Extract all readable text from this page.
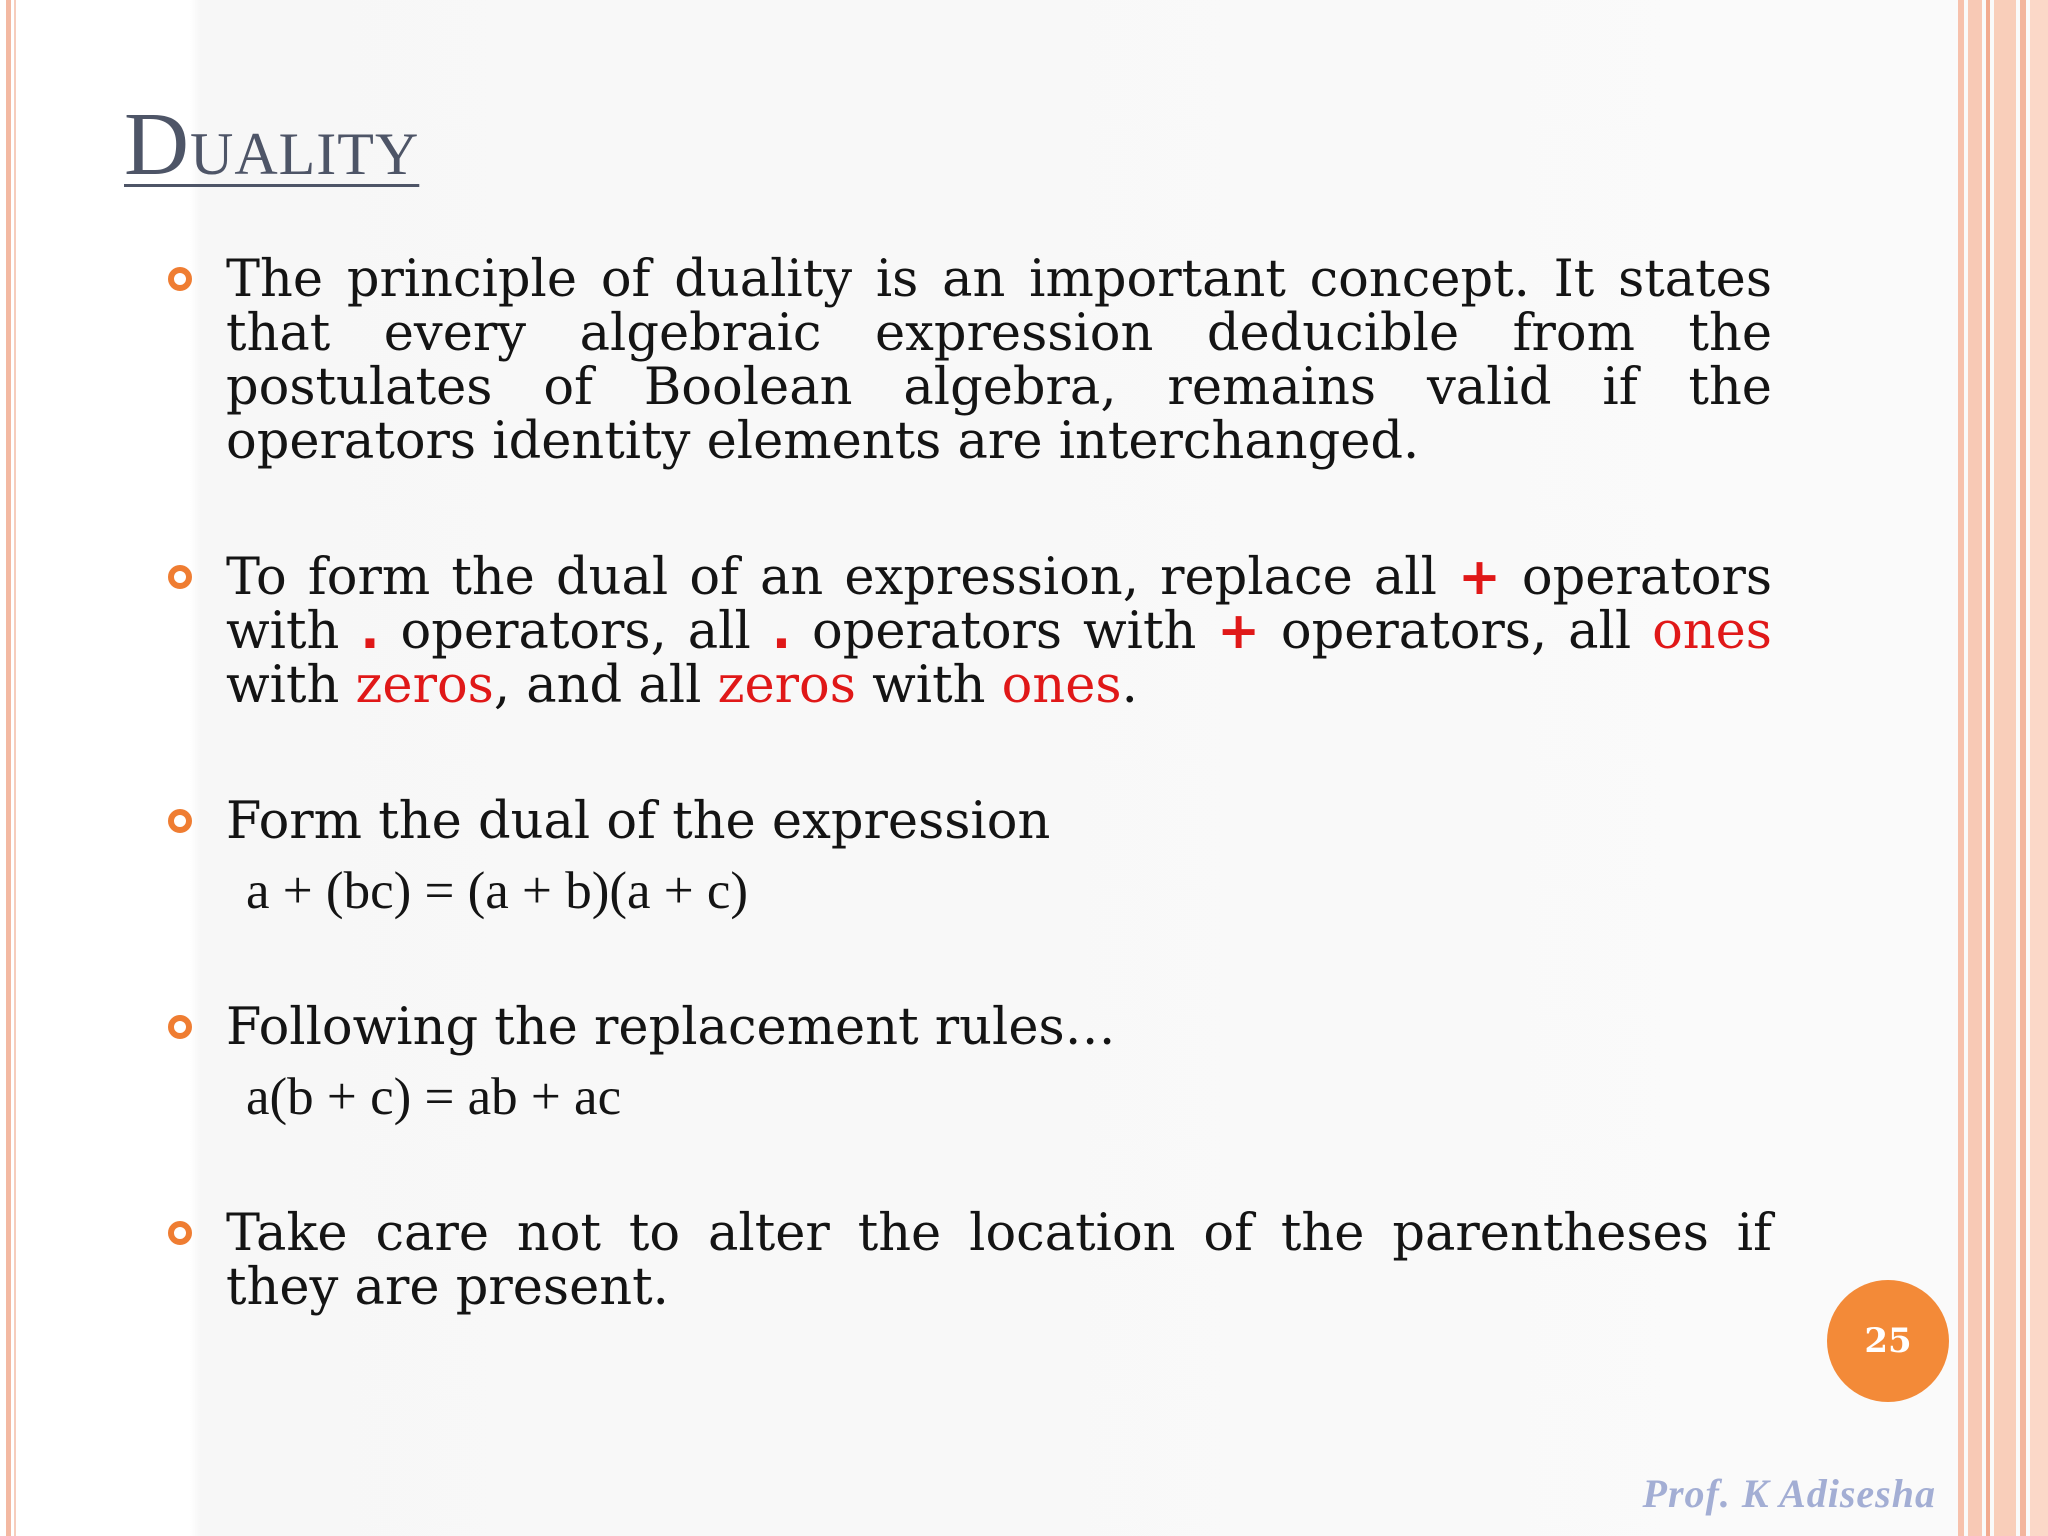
DUALITY
The principle of duality is an important concept. It states that every algebraic expression deducible from the postulates of Boolean algebra, remains valid if the operators identity elements are interchanged.
To form the dual of an expression, replace all + operators with . operators, all . operators with + operators, all ones with zeros, and all zeros with ones.
Form the dual of the expression
a + (bc) = (a + b)(a + c)
Following the replacement rules…
a(b + c) = ab + ac
Take care not to alter the location of the parentheses if they are present.
25

Prof. K Adisesha
